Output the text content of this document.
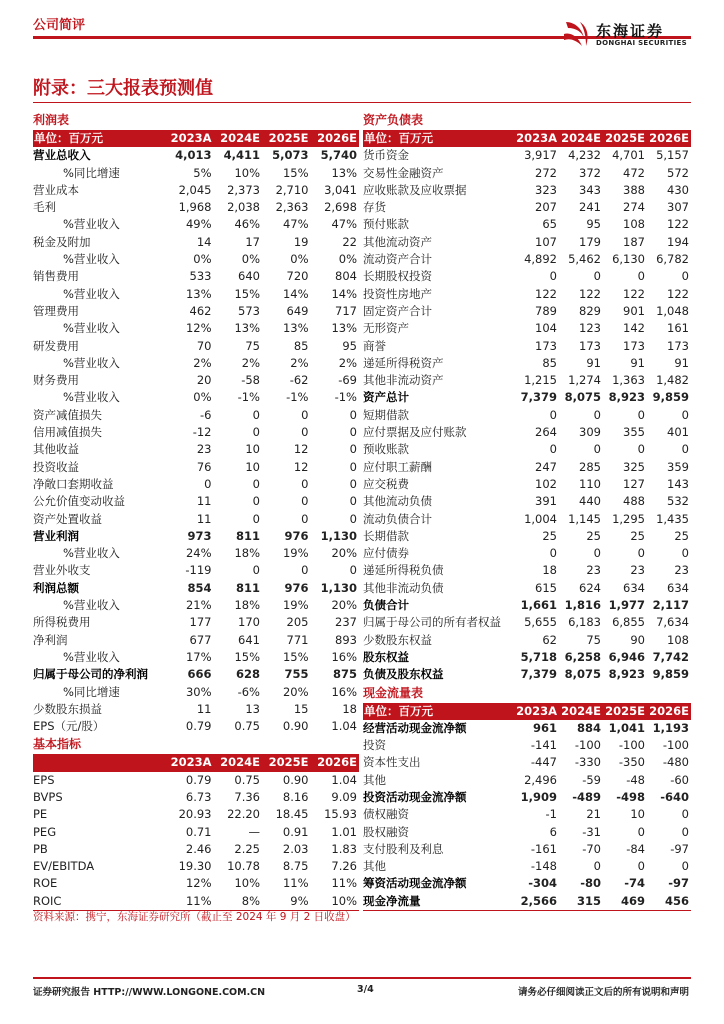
公司简评	东海证券
DONGHAI SECURITIES
附录：三大报表预测值
利润表
单位：百万元	2023A	2024E	2025E	2026E
营业总收入	4,013	4,411	5,073	5,740
%同比增速	5%	10%	15%	13%
营业成本	2,045	2,373	2,710	3,041
毛利	1,968	2,038	2,363	2,698
%营业收入	49%	46%	47%	47%
税金及附加	14	17	19	22
%营业收入	0%	0%	0%	0%
销售费用	533	640	720	804
%营业收入	13%	15%	14%	14%
管理费用	462	573	649	717
%营业收入	12%	13%	13%	13%
研发费用	70	75	85	95
%营业收入	2%	2%	2%	2%
财务费用	20	-58	-62	-69
%营业收入	0%	-1%	-1%	-1%
资产减值损失	-6	0	0	0
信用减值损失	-12	0	0	0
其他收益	23	10	12	0
投资收益	76	10	12	0
净敞口套期收益	0	0	0	0
公允价值变动收益	11	0	0	0
资产处置收益	11	0	0	0
营业利润	973	811	976	1,130
%营业收入	24%	18%	19%	20%
营业外收支	-119	0	0	0
利润总额	854	811	976	1,130
%营业收入	21%	18%	19%	20%
所得税费用	177	170	205	237
净利润	677	641	771	893
%营业收入	17%	15%	15%	16%
归属于母公司的净利润	666	628	755	875
%同比增速	30%	-6%	20%	16%
少数股东损益	11	13	15	18
EPS（元/股）	0.79	0.75	0.90	1.04
基本指标
	2023A	2024E	2025E	2026E
EPS	0.79	0.75	0.90	1.04
BVPS	6.73	7.36	8.16	9.09
PE	20.93	22.20	18.45	15.93
PEG	0.71	—	0.91	1.01
PB	2.46	2.25	2.03	1.83
EV/EBITDA	19.30	10.78	8.75	7.26
ROE	12%	10%	11%	11%
ROIC	11%	8%	9%	10%
资产负债表
单位：百万元	2023A	2024E	2025E	2026E
货币资金	3,917	4,232	4,701	5,157
交易性金融资产	272	372	472	572
应收账款及应收票据	323	343	388	430
存货	207	241	274	307
预付账款	65	95	108	122
其他流动资产	107	179	187	194
流动资产合计	4,892	5,462	6,130	6,782
长期股权投资	0	0	0	0
投资性房地产	122	122	122	122
固定资产合计	789	829	901	1,048
无形资产	104	123	142	161
商誉	173	173	173	173
递延所得税资产	85	91	91	91
其他非流动资产	1,215	1,274	1,363	1,482
资产总计	7,379	8,075	8,923	9,859
短期借款	0	0	0	0
应付票据及应付账款	264	309	355	401
预收账款	0	0	0	0
应付职工薪酬	247	285	325	359
应交税费	102	110	127	143
其他流动负债	391	440	488	532
流动负债合计	1,004	1,145	1,295	1,435
长期借款	25	25	25	25
应付债券	0	0	0	0
递延所得税负债	18	23	23	23
其他非流动负债	615	624	634	634
负债合计	1,661	1,816	1,977	2,117
归属于母公司的所有者权益	5,655	6,183	6,855	7,634
少数股东权益	62	75	90	108
股东权益	5,718	6,258	6,946	7,742
负债及股东权益	7,379	8,075	8,923	9,859
现金流量表
单位：百万元	2023A	2024E	2025E	2026E
经营活动现金流净额	961	884	1,041	1,193
投资	-141	-100	-100	-100
资本性支出	-447	-330	-350	-480
其他	2,496	-59	-48	-60
投资活动现金流净额	1,909	-489	-498	-640
债权融资	-1	21	10	0
股权融资	6	-31	0	0
支付股利及利息	-161	-70	-84	-97
其他	-148	0	0	0
筹资活动现金流净额	-304	-80	-74	-97
现金净流量	2,566	315	469	456
资料来源：携宁，东海证券研究所（截止至 2024 年 9 月 2 日收盘）
证券研究报告 HTTP://WWW.LONGONE.COM.CN	3/4	请务必仔细阅读正文后的所有说明和声明
